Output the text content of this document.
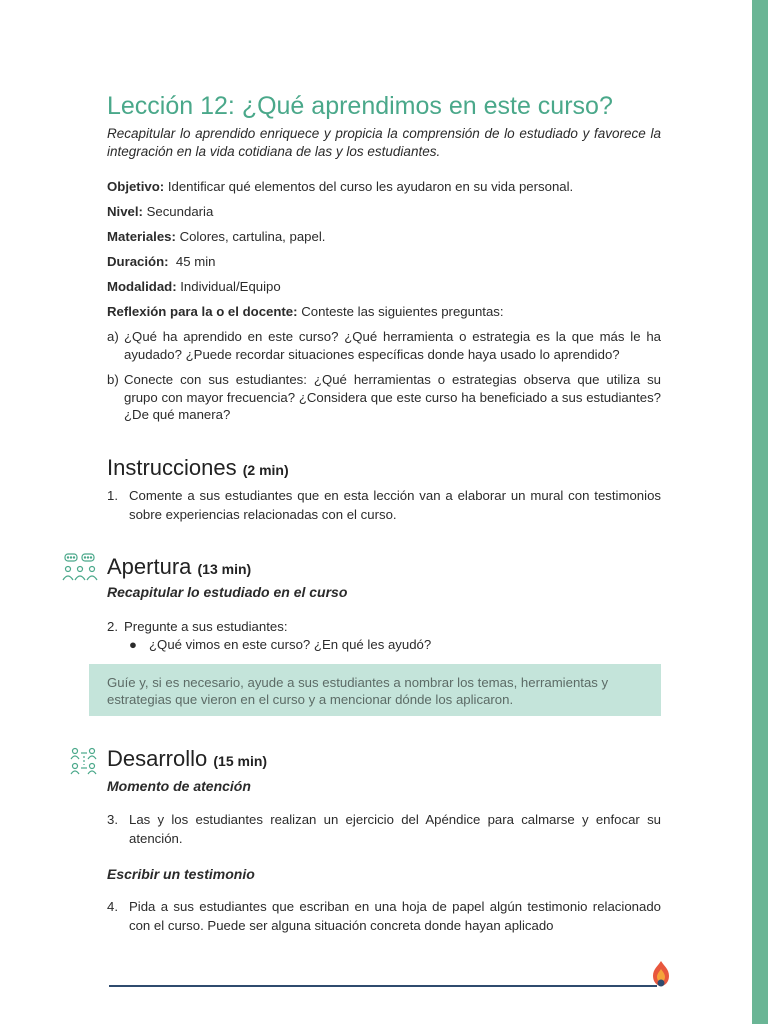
Lección 12: ¿Qué aprendimos en este curso?

Recapitular lo aprendido enriquece y propicia la comprensión de lo estudiado y favorece la integración en la vida cotidiana de las y los estudiantes.

Objetivo: Identificar qué elementos del curso les ayudaron en su vida personal.
Nivel: Secundaria
Materiales: Colores, cartulina, papel.
Duración:  45 min
Modalidad: Individual/Equipo
Reflexión para la o el docente: Conteste las siguientes preguntas:
a) ¿Qué ha aprendido en este curso? ¿Qué herramienta o estrategia es la que más le ha ayudado? ¿Puede recordar situaciones específicas donde haya usado lo aprendido?
b) Conecte con sus estudiantes: ¿Qué herramientas o estrategias observa que utiliza su grupo con mayor frecuencia? ¿Considera que este curso ha beneficiado a sus estudiantes? ¿De qué manera?
Instrucciones (2 min)
1. Comente a sus estudiantes que en esta lección van a elaborar un mural con testimonios sobre experiencias relacionadas con el curso.
Apertura (13 min)
Recapitular lo estudiado en el curso
2. Pregunte a sus estudiantes:
● ¿Qué vimos en este curso? ¿En qué les ayudó?
Guíe y, si es necesario, ayude a sus estudiantes a nombrar los temas, herramientas y estrategias que vieron en el curso y a mencionar dónde los aplicaron.
Desarrollo (15 min)
Momento de atención
3. Las y los estudiantes realizan un ejercicio del Apéndice para calmarse y enfocar su atención.
Escribir un testimonio
4. Pida a sus estudiantes que escriban en una hoja de papel algún testimonio relacionado con el curso. Puede ser alguna situación concreta donde hayan aplicado
